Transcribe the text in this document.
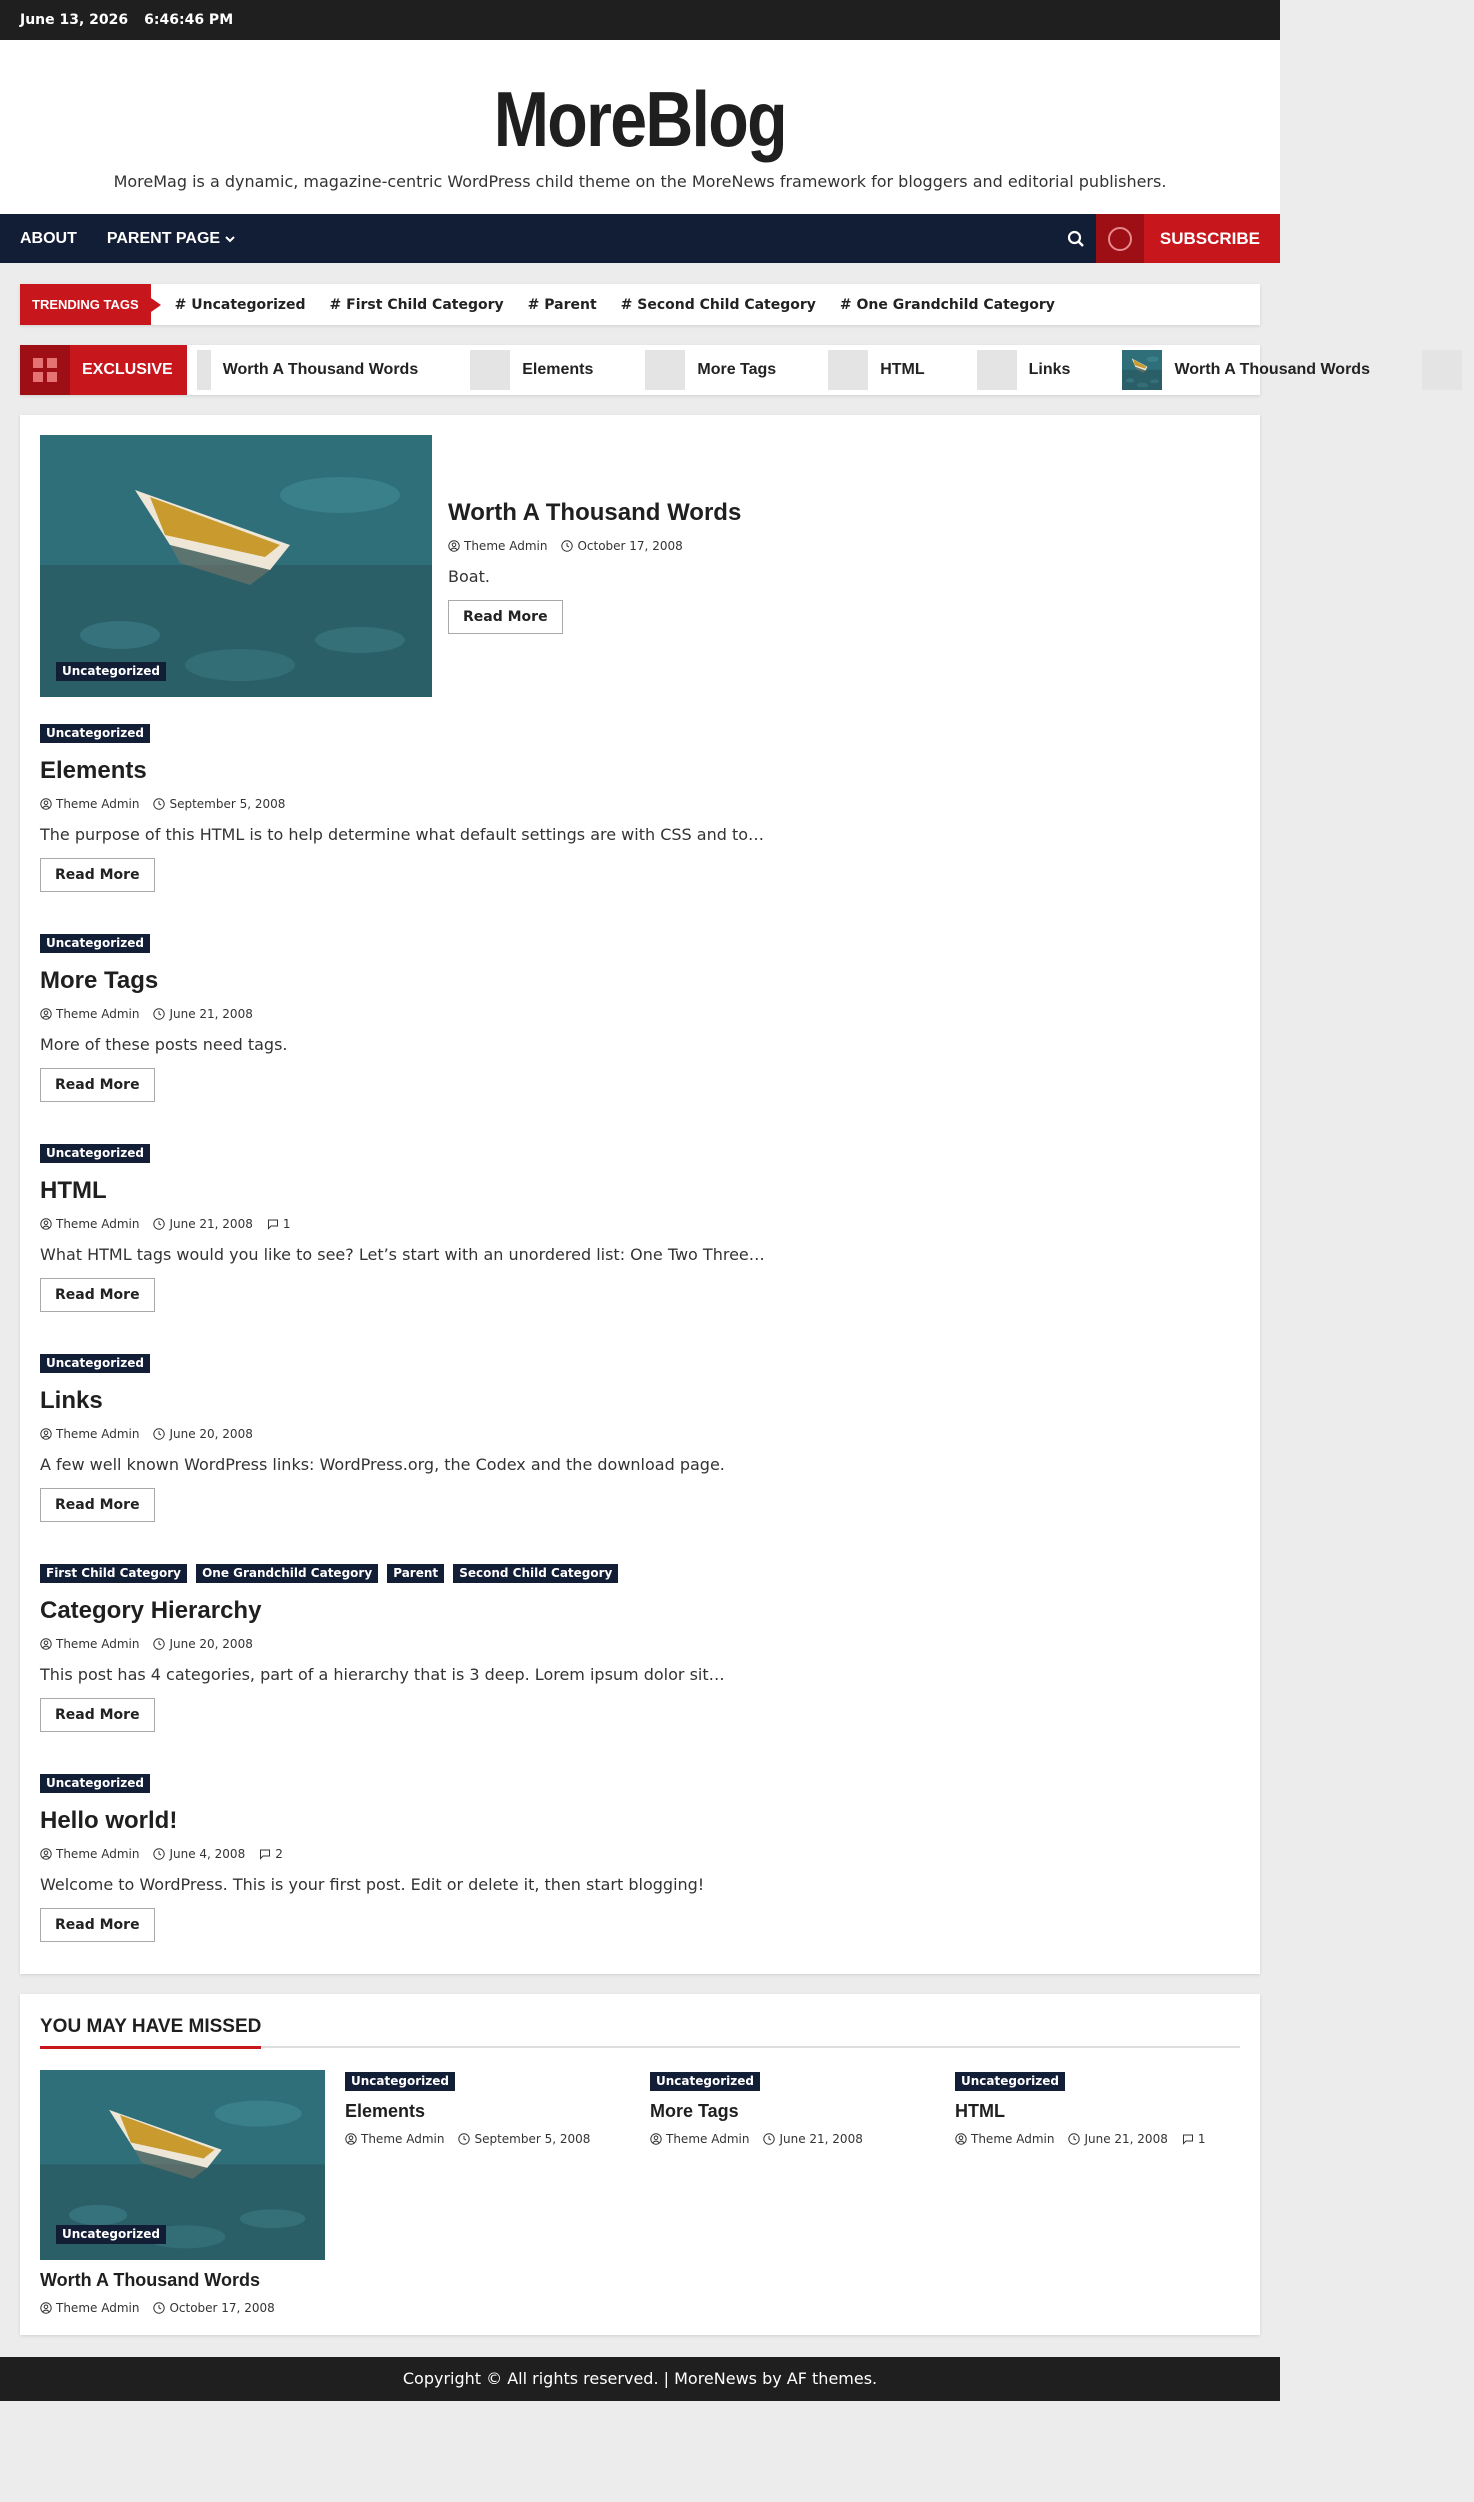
June 13, 2026 6:46:46 PM
MoreBlog
MoreMag is a dynamic, magazine-centric WordPress child theme on the MoreNews framework for bloggers and editorial publishers.
ABOUT PARENT PAGE	SUBSCRIBE
TRENDING TAGS	# Uncategorized # First Child Category # Parent # Second Child Category # One Grandchild Category
EXCLUSIVE	Worth A Thousand Words	Elements	More Tags	HTML	Links	Worth A Thousand Words
Uncategorized
Worth A Thousand Words
Theme Admin	October 17, 2008

Boat.

Read More
Uncategorized
Elements
Theme Admin	September 5, 2008

The purpose of this HTML is to help determine what default settings are with CSS and to…

Read More
Uncategorized
More Tags
Theme Admin	June 21, 2008

More of these posts need tags.

Read More
Uncategorized
HTML
Theme Admin	June 21, 2008	1

What HTML tags would you like to see? Let’s start with an unordered list: One Two Three…

Read More
Uncategorized
Links
Theme Admin	June 20, 2008

A few well known WordPress links: WordPress.org, the Codex and the download page.

Read More
First Child Category One Grandchild Category Parent Second Child Category
Category Hierarchy
Theme Admin	June 20, 2008

This post has 4 categories, part of a hierarchy that is 3 deep. Lorem ipsum dolor sit…

Read More
Uncategorized
Hello world!
Theme Admin	June 4, 2008	2

Welcome to WordPress. This is your first post. Edit or delete it, then start blogging!

Read More
YOU MAY HAVE MISSED
Uncategorized
Worth A Thousand Words
Theme Admin	October 17, 2008
Uncategorized
Elements
Theme Admin	September 5, 2008
Uncategorized
More Tags
Theme Admin	June 21, 2008
Uncategorized
HTML
Theme Admin	June 21, 2008	1
Copyright © All rights reserved. | MoreNews by AF themes.
